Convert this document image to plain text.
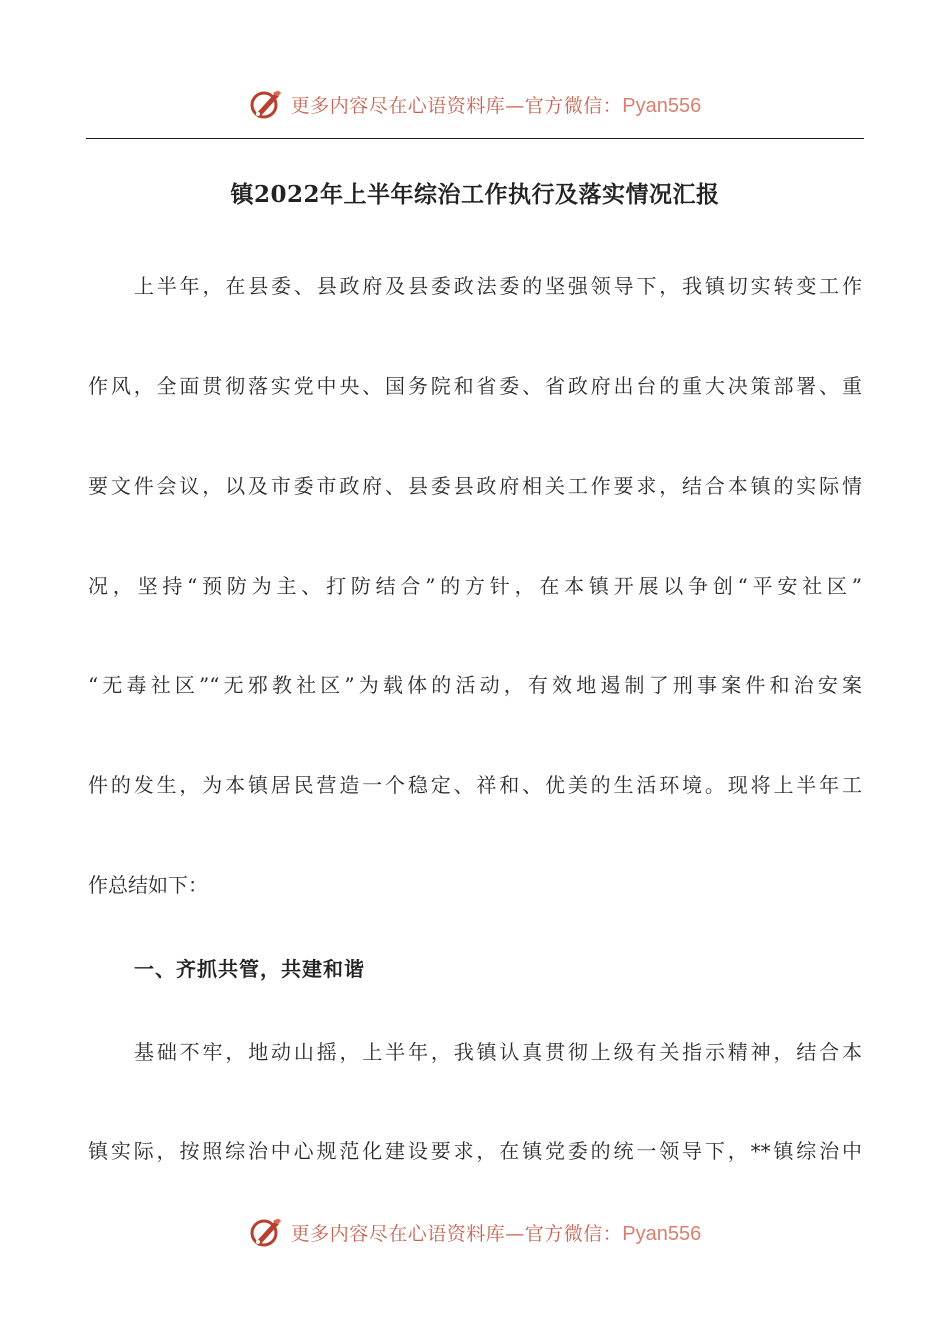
更多内容尽在心语资料库—官方微信：Pyan556
镇2022年上半年综治工作执行及落实情况汇报
上半年，在县委、县政府及县委政法委的坚强领导下，我镇切实转变工作
作风，全面贯彻落实党中央、国务院和省委、省政府出台的重大决策部署、重
要文件会议，以及市委市政府、县委县政府相关工作要求，结合本镇的实际情
况，坚持“预防为主、打防结合”的方针，在本镇开展以争创“平安社区”
“无毒社区”“无邪教社区”为载体的活动，有效地遏制了刑事案件和治安案
件的发生，为本镇居民营造一个稳定、祥和、优美的生活环境。现将上半年工
作总结如下：
一、齐抓共管，共建和谐
基础不牢，地动山摇，上半年，我镇认真贯彻上级有关指示精神，结合本
镇实际，按照综治中心规范化建设要求，在镇党委的统一领导下，**镇综治中
更多内容尽在心语资料库—官方微信：Pyan556
